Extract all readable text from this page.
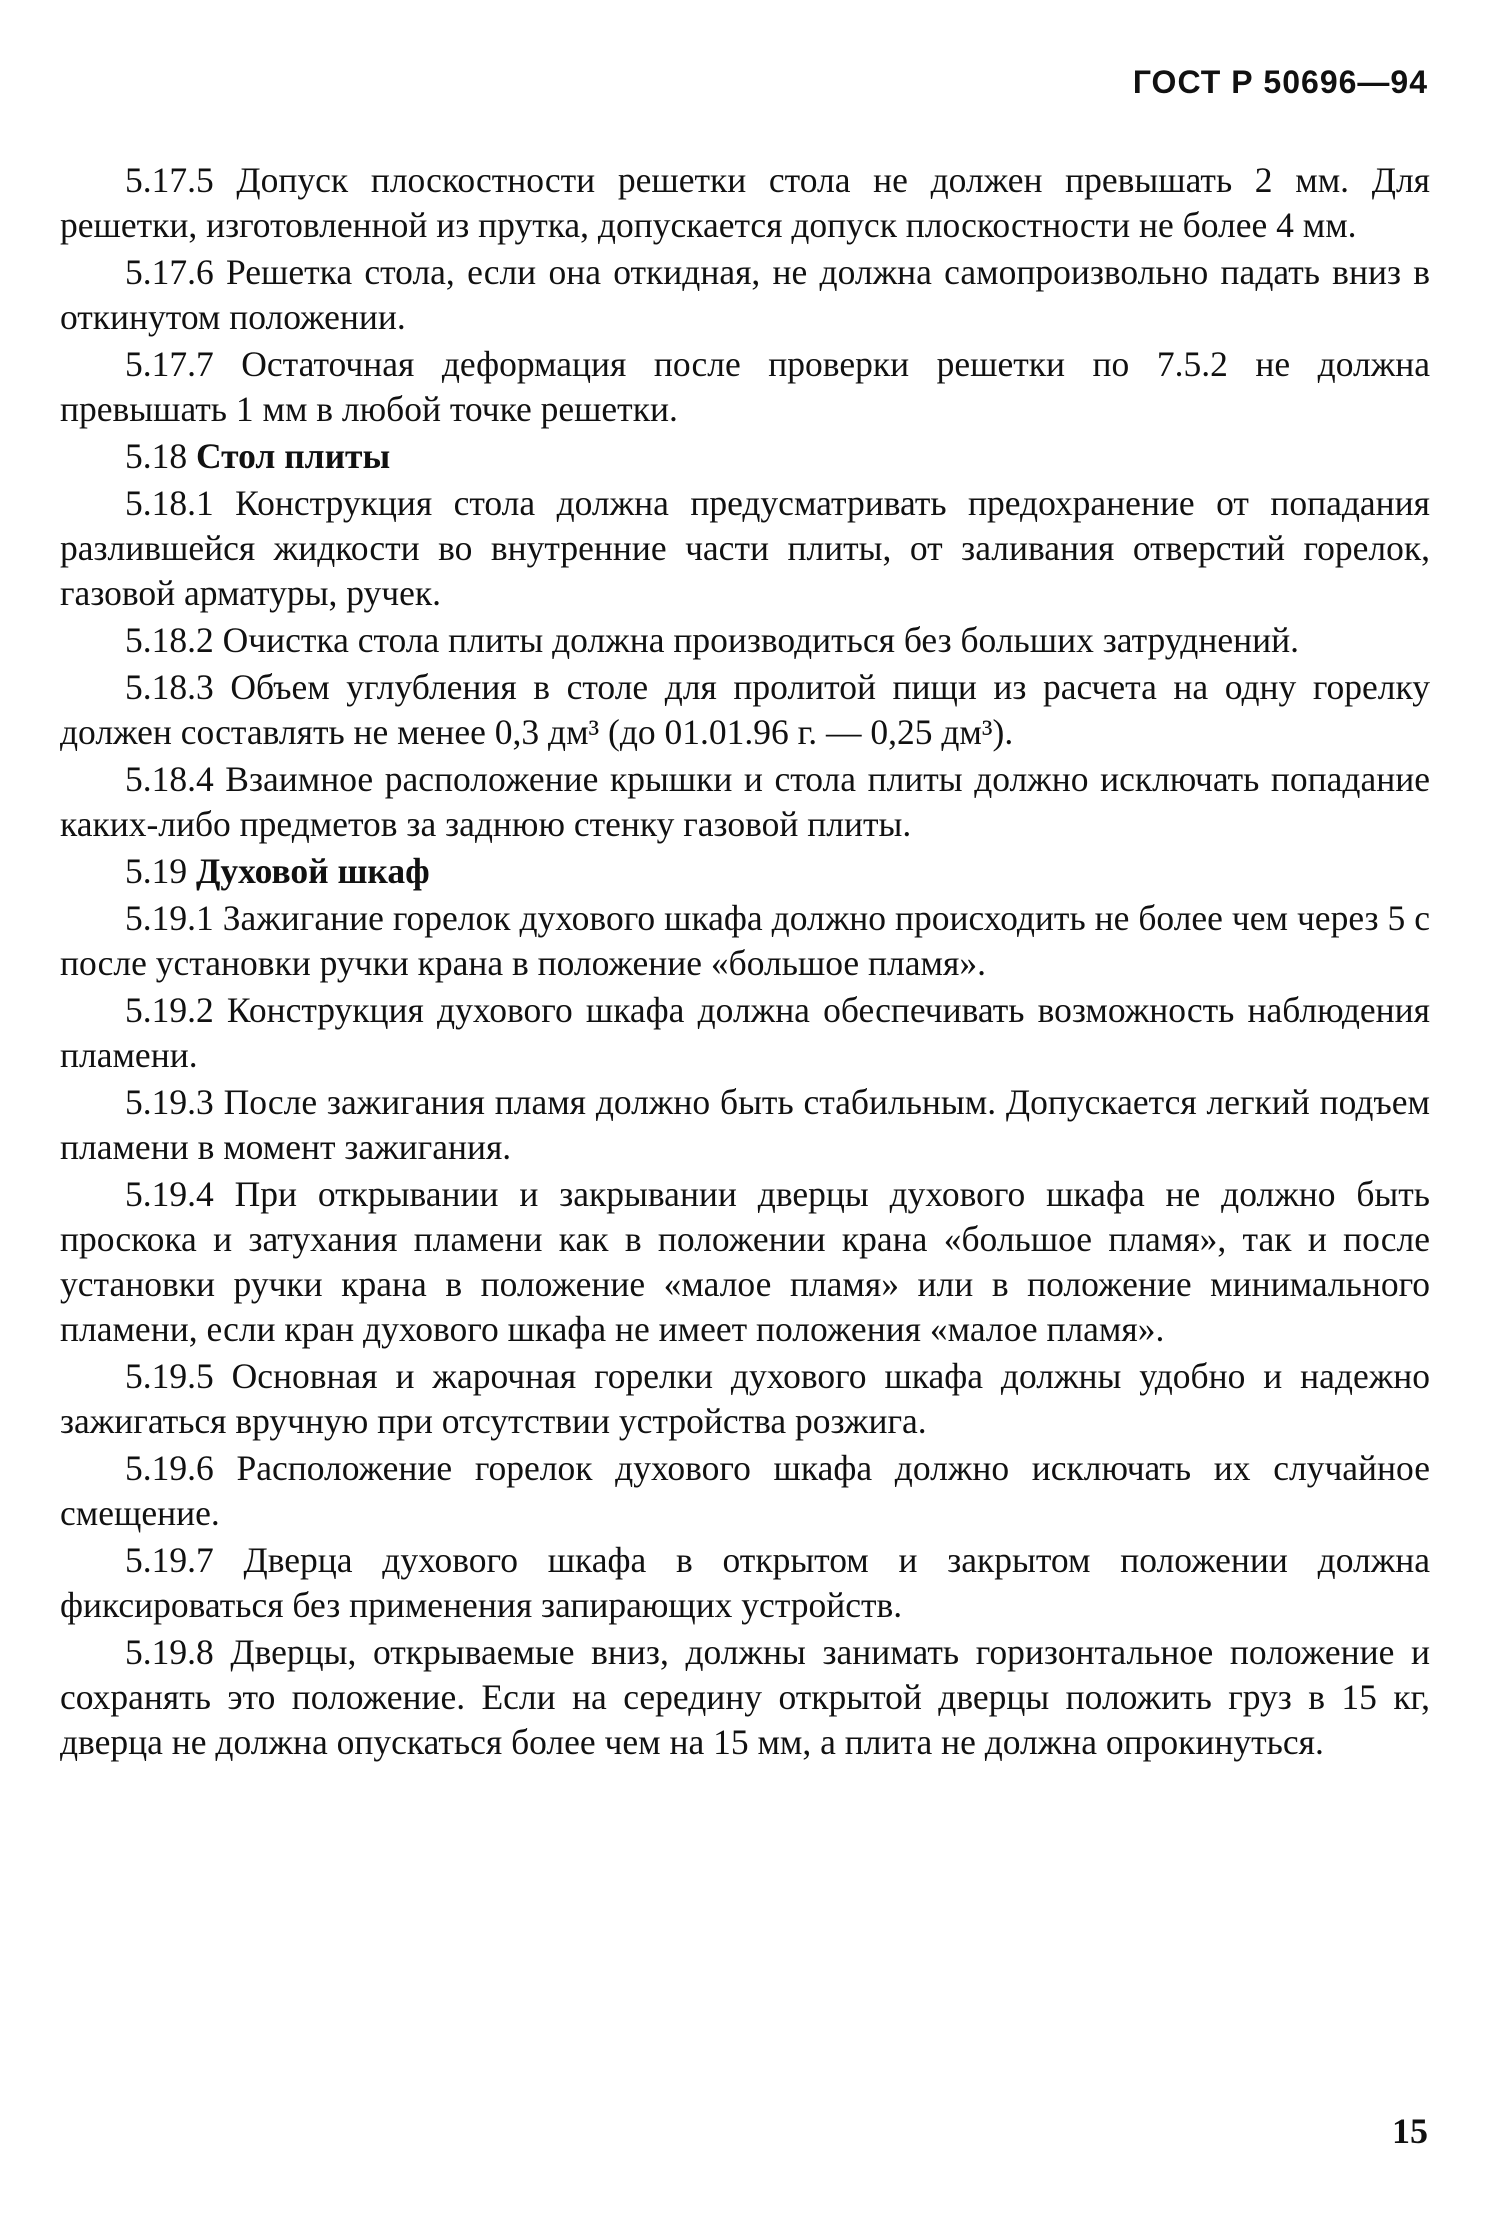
ГОСТ Р 50696—94

5.17.5 Допуск плоскостности решетки стола не должен превышать 2 мм. Для решетки, изготовленной из прутка, допускается допуск плоскостности не более 4 мм.

5.17.6 Решетка стола, если она откидная, не должна самопроизвольно падать вниз в откинутом положении.

5.17.7 Остаточная деформация после проверки решетки по 7.5.2 не должна превышать 1 мм в любой точке решетки.

5.18 Стол плиты

5.18.1 Конструкция стола должна предусматривать предохранение от попадания разлившейся жидкости во внутренние части плиты, от заливания отверстий горелок, газовой арматуры, ручек.

5.18.2 Очистка стола плиты должна производиться без больших затруднений.

5.18.3 Объем углубления в столе для пролитой пищи из расчета на одну горелку должен составлять не менее 0,3 дм³ (до 01.01.96 г. — 0,25 дм³).

5.18.4 Взаимное расположение крышки и стола плиты должно исключать попадание каких-либо предметов за заднюю стенку газовой плиты.

5.19 Духовой шкаф

5.19.1 Зажигание горелок духового шкафа должно происходить не более чем через 5 с после установки ручки крана в положение «большое пламя».

5.19.2 Конструкция духового шкафа должна обеспечивать возможность наблюдения пламени.

5.19.3 После зажигания пламя должно быть стабильным. Допускается легкий подъем пламени в момент зажигания.

5.19.4 При открывании и закрывании дверцы духового шкафа не должно быть проскока и затухания пламени как в положении крана «большое пламя», так и после установки ручки крана в положение «малое пламя» или в положение минимального пламени, если кран духового шкафа не имеет положения «малое пламя».

5.19.5 Основная и жарочная горелки духового шкафа должны удобно и надежно зажигаться вручную при отсутствии устройства розжига.

5.19.6 Расположение горелок духового шкафа должно исключать их случайное смещение.

5.19.7 Дверца духового шкафа в открытом и закрытом положении должна фиксироваться без применения запирающих устройств.

5.19.8 Дверцы, открываемые вниз, должны занимать горизонтальное положение и сохранять это положение. Если на середину открытой дверцы положить груз в 15 кг, дверца не должна опускаться более чем на 15 мм, а плита не должна опрокинуться.

15
